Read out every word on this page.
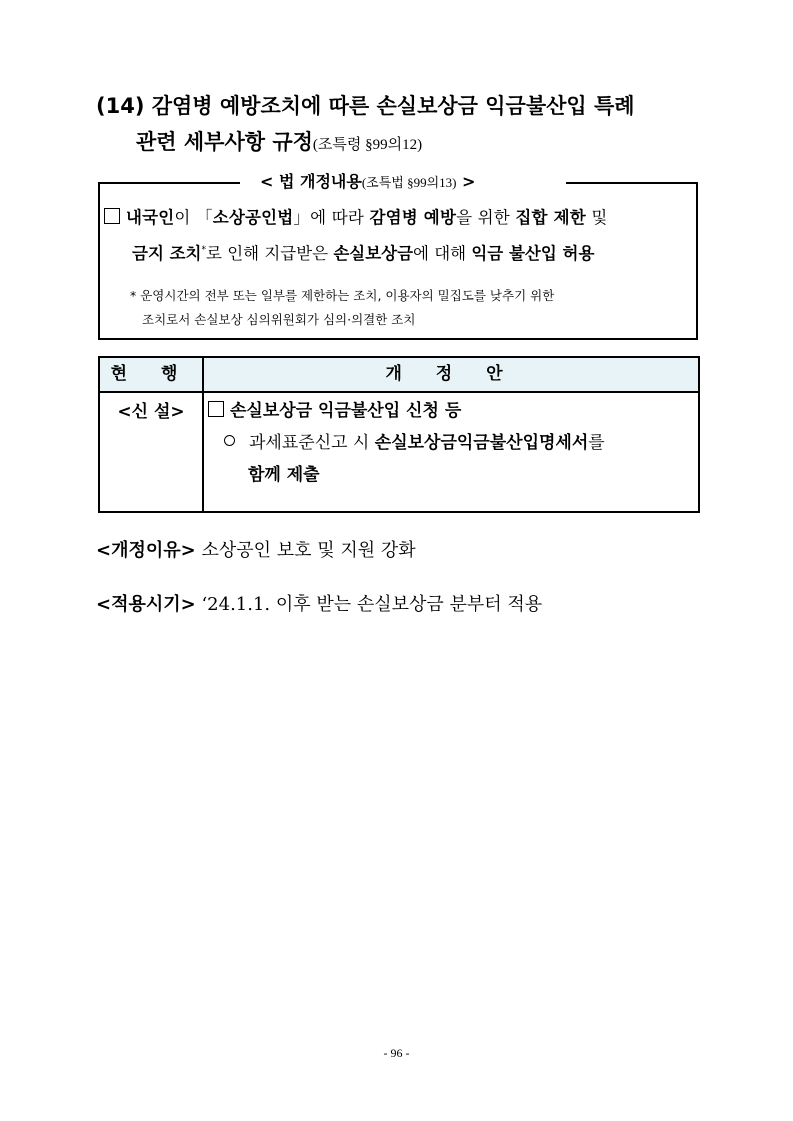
(14) 감염병 예방조치에 따른 손실보상금 익금불산입 특례
관련 세부사항 규정(조특령 §99의12)
< 법 개정내용(조특법 §99의13) >
내국인이 「소상공인법」에 따라 감염병 예방을 위한 집합 제한 및
금지 조치*로 인해 지급받은 손실보상금에 대해 익금 불산입 허용
* 운영시간의 전부 또는 일부를 제한하는 조치, 이용자의 밀집도를 낮추기 위한
조치로서 손실보상 심의위원회가 심의·의결한 조치
현 행	개 정 안
<신 설>	손실보상금 익금불산입 신청 등
과세표준신고 시 손실보상금익금불산입명세서를
함께 제출
<개정이유> 소상공인 보호 및 지원 강화
<적용시기> ‘24.1.1. 이후 받는 손실보상금 분부터 적용
- 96 -
